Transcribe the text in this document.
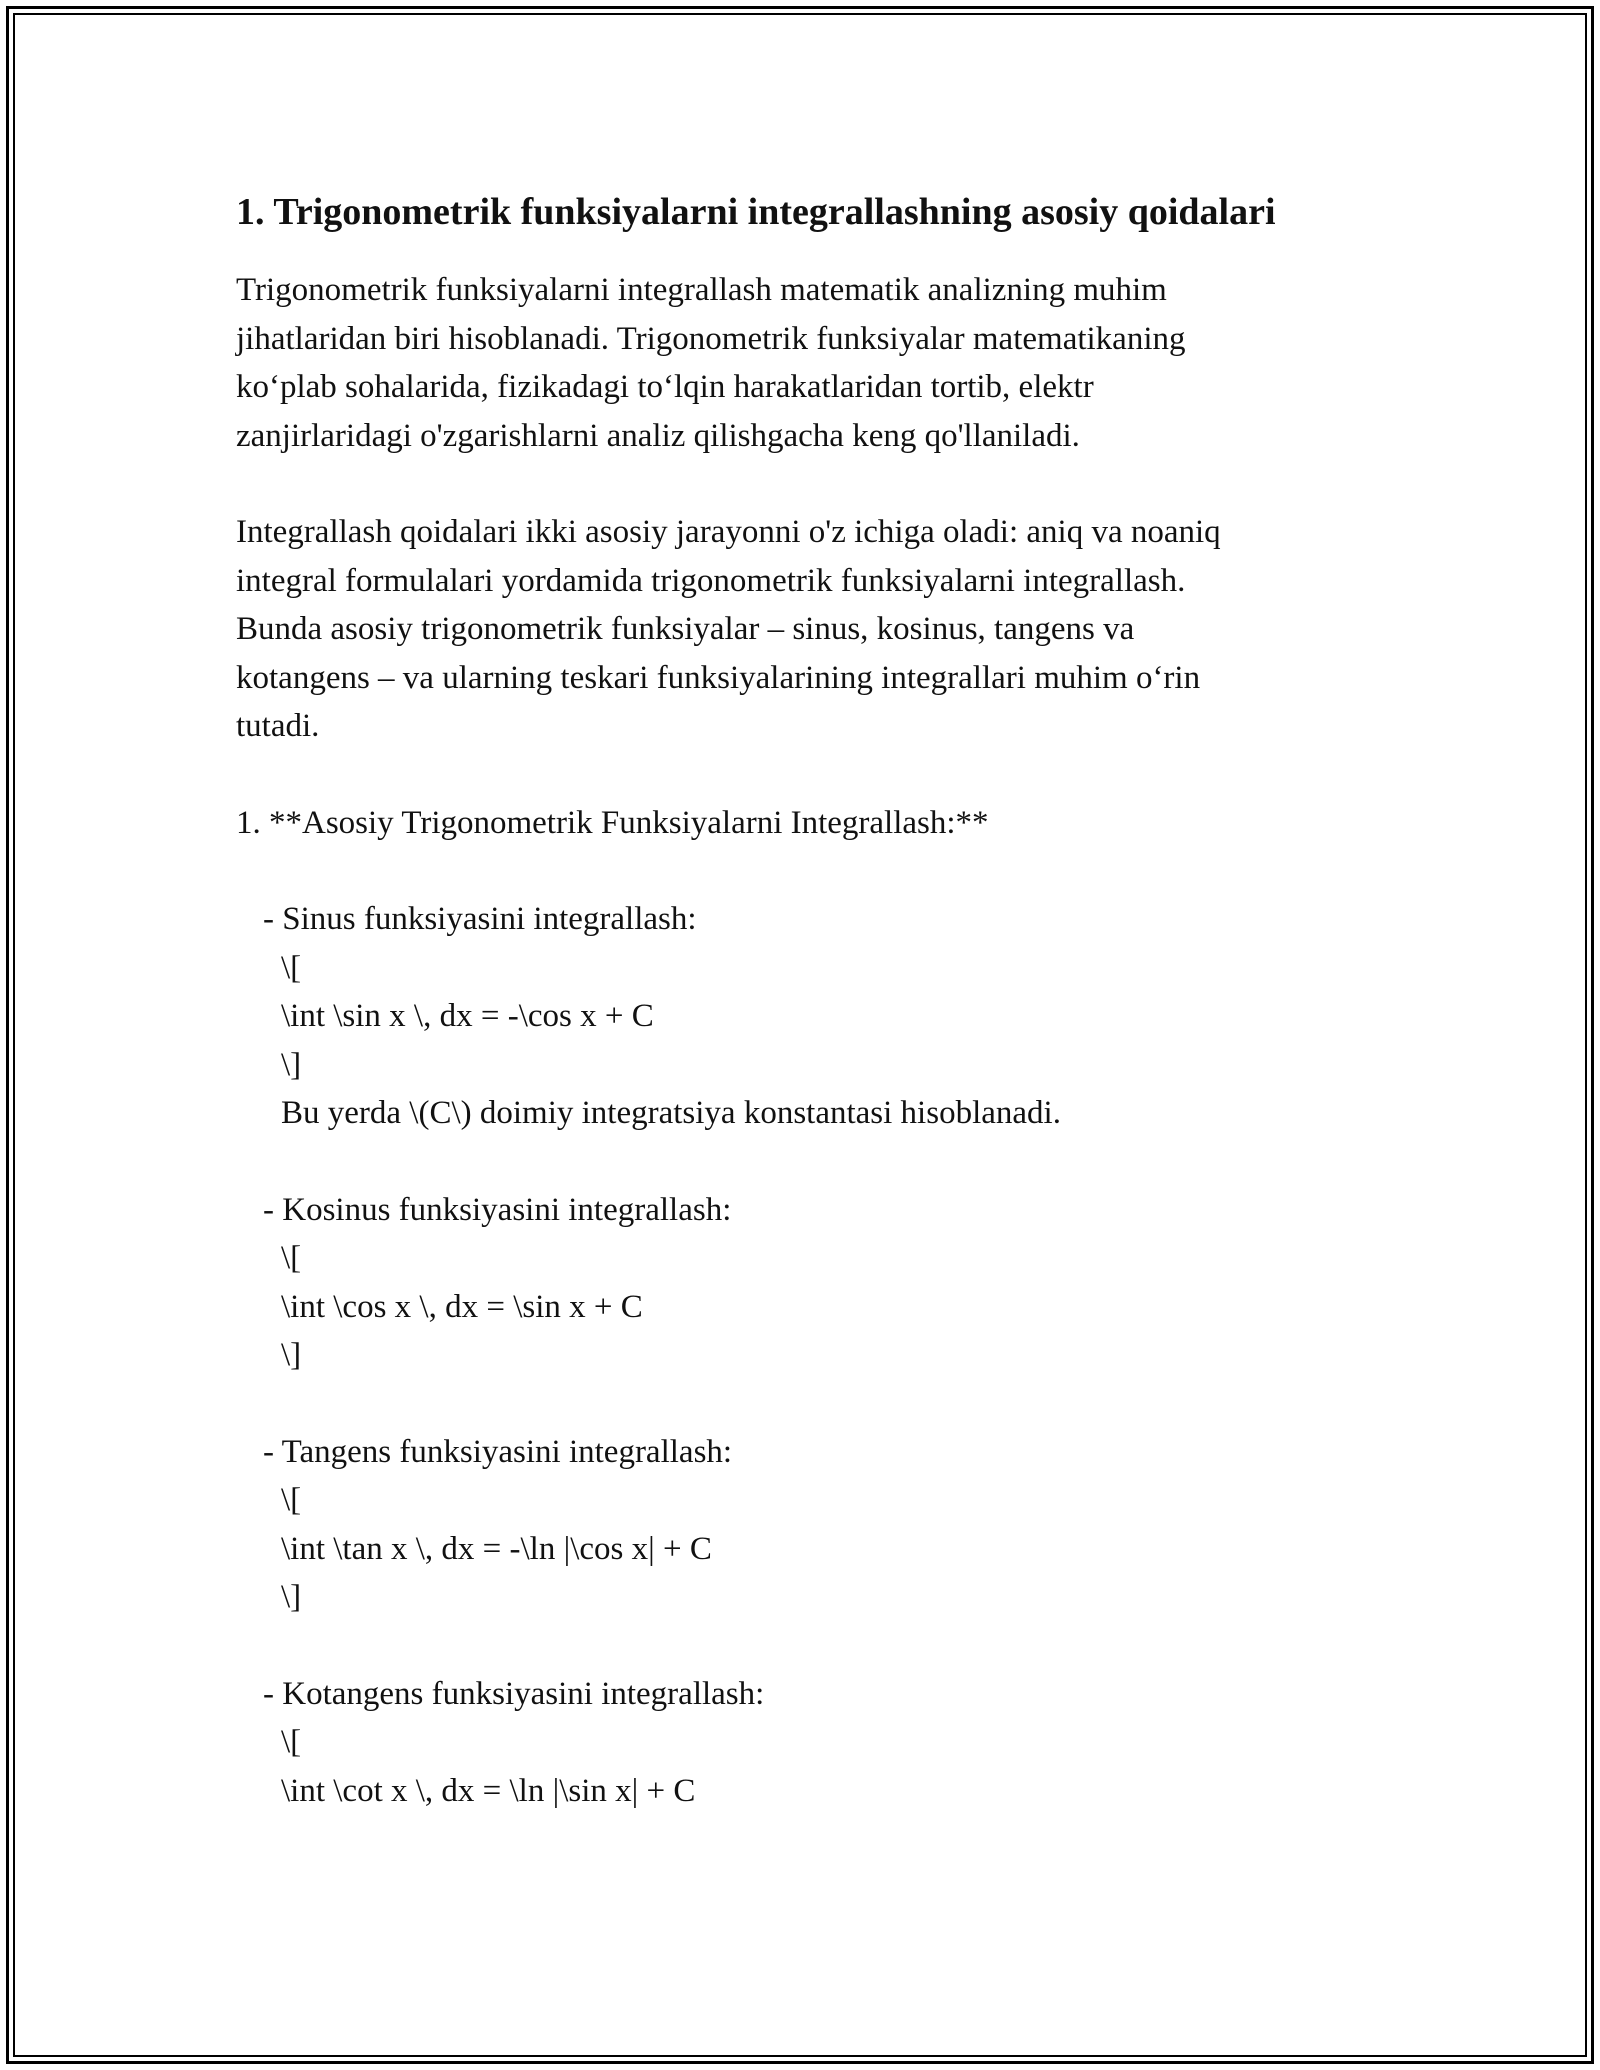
1. Trigonometrik funksiyalarni integrallashning asosiy qoidalari

Trigonometrik funksiyalarni integrallash matematik analizning muhim
jihatlaridan biri hisoblanadi. Trigonometrik funksiyalar matematikaning
ko‘plab sohalarida, fizikadagi to‘lqin harakatlaridan tortib, elektr
zanjirlaridagi o'zgarishlarni analiz qilishgacha keng qo'llaniladi.

Integrallash qoidalari ikki asosiy jarayonni o'z ichiga oladi: aniq va noaniq
integral formulalari yordamida trigonometrik funksiyalarni integrallash.
Bunda asosiy trigonometrik funksiyalar – sinus, kosinus, tangens va
kotangens – va ularning teskari funksiyalarining integrallari muhim o‘rin
tutadi.

1. **Asosiy Trigonometrik Funksiyalarni Integrallash:**

- Sinus funksiyasini integrallash:

\[

\int \sin x \, dx = -\cos x + C

\]

Bu yerda \(C\) doimiy integratsiya konstantasi hisoblanadi.

- Kosinus funksiyasini integrallash:

\[

\int \cos x \, dx = \sin x + C

\]

- Tangens funksiyasini integrallash:

\[

\int \tan x \, dx = -\ln |\cos x| + C

\]

- Kotangens funksiyasini integrallash:

\[

\int \cot x \, dx = \ln |\sin x| + C
